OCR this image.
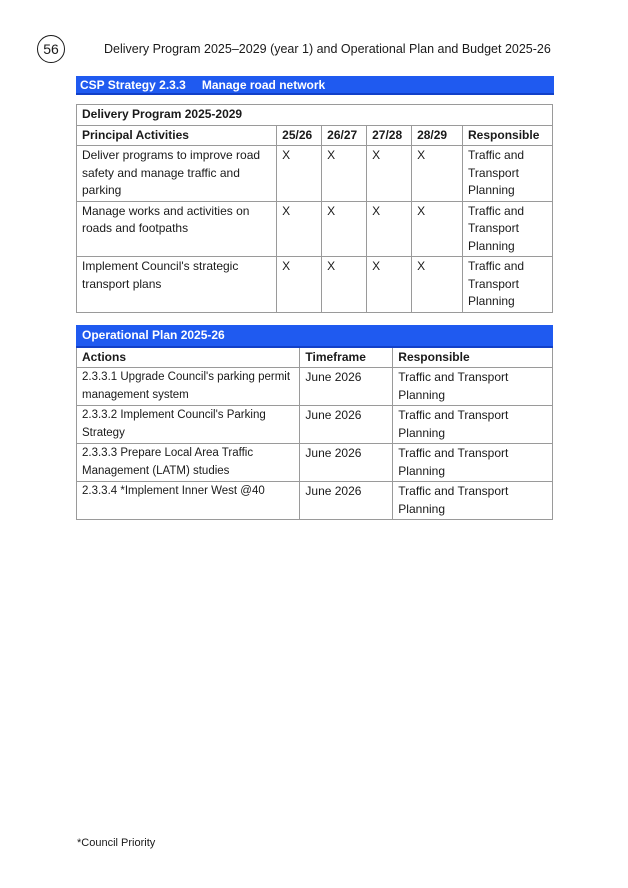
56	Delivery Program 2025–2029 (year 1) and Operational Plan and Budget 2025-26
CSP Strategy 2.3.3 Manage road network
Delivery Program 2025-2029					
Principal Activities	25/26	26/27	27/28	28/29	Responsible
Deliver programs to improve road safety and manage traffic and parking	X	X	X	X	Traffic and Transport Planning
Manage works and activities on roads and footpaths	X	X	X	X	Traffic and Transport Planning
Implement Council's strategic transport plans	X	X	X	X	Traffic and Transport Planning
Operational Plan 2025-26		
Actions	Timeframe	Responsible
2.3.3.1 Upgrade Council's parking permit management system	June 2026	Traffic and Transport Planning
2.3.3.2 Implement Council's Parking Strategy	June 2026	Traffic and Transport Planning
2.3.3.3 Prepare Local Area Traffic Management (LATM) studies	June 2026	Traffic and Transport Planning
2.3.3.4 *Implement Inner West @40	June 2026	Traffic and Transport Planning
*Council Priority
